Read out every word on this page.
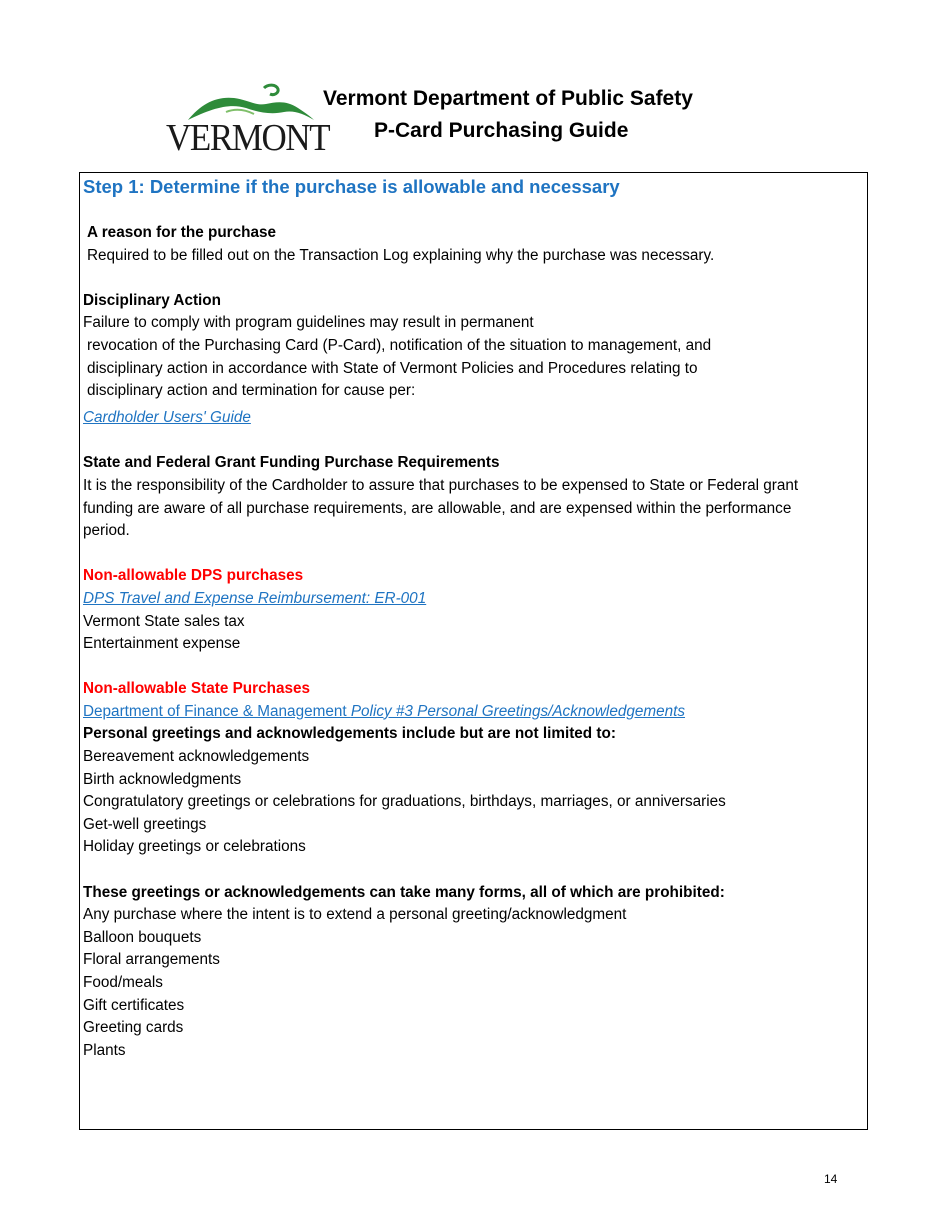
VERMONT
Vermont Department of Public Safety
P-Card Purchasing Guide
Step 1: Determine if the purchase is allowable and necessary

A reason for the purchase

Required to be filled out on the Transaction Log explaining why the purchase was necessary.

Disciplinary Action

Failure to comply with program guidelines may result in permanent

revocation of the Purchasing Card (P-Card), notification of the situation to management, and

disciplinary action in accordance with State of Vermont Policies and Procedures relating to

disciplinary action and termination for cause per:

Cardholder Users' Guide

State and Federal Grant Funding Purchase Requirements

It is the responsibility of the Cardholder to assure that purchases to be expensed to State or Federal grant

funding are aware of all purchase requirements, are allowable, and are expensed within the performance

period.

Non-allowable DPS purchases

DPS Travel and Expense Reimbursement: ER-001

Vermont State sales tax

Entertainment expense

Non-allowable State Purchases

Department of Finance & Management Policy #3 Personal Greetings/Acknowledgements

Personal greetings and acknowledgements include but are not limited to:

Bereavement acknowledgements

Birth acknowledgments

Congratulatory greetings or celebrations for graduations, birthdays, marriages, or anniversaries

Get-well greetings

Holiday greetings or celebrations

These greetings or acknowledgements can take many forms, all of which are prohibited:

Any purchase where the intent is to extend a personal greeting/acknowledgment

Balloon bouquets

Floral arrangements

Food/meals

Gift certificates

Greeting cards

Plants

14
